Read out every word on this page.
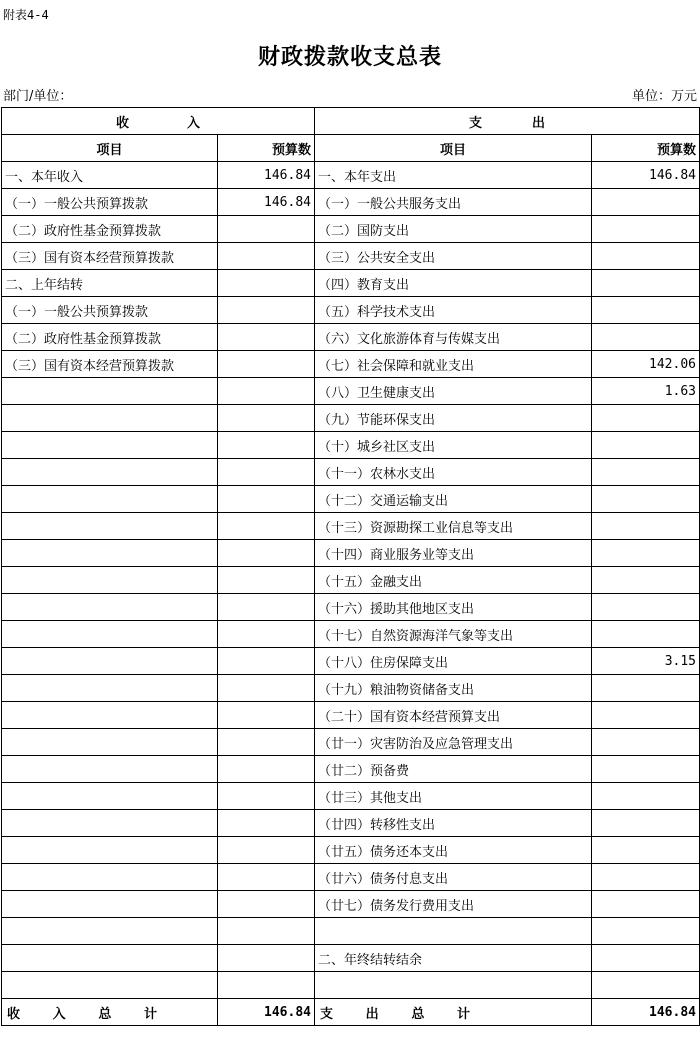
附表4-4
财政拨款收支总表
部门/单位：	单位：万元
收 入		支 出	
项目	预算数	项目	预算数
一、本年收入	146.84	一、本年支出	146.84
（一）一般公共预算拨款	146.84	（一）一般公共服务支出	
（二）政府性基金预算拨款		（二）国防支出	
（三）国有资本经营预算拨款		（三）公共安全支出	
二、上年结转		（四）教育支出	
（一）一般公共预算拨款		（五）科学技术支出	
（二）政府性基金预算拨款		（六）文化旅游体育与传媒支出	
（三）国有资本经营预算拨款		（七）社会保障和就业支出	142.06
		（八）卫生健康支出	1.63
		（九）节能环保支出	
		（十）城乡社区支出	
		（十一）农林水支出	
		（十二）交通运输支出	
		（十三）资源勘探工业信息等支出	
		（十四）商业服务业等支出	
		（十五）金融支出	
		（十六）援助其他地区支出	
		（十七）自然资源海洋气象等支出	
		（十八）住房保障支出	3.15
		（十九）粮油物资储备支出	
		（二十）国有资本经营预算支出	
		（廿一）灾害防治及应急管理支出	
		（廿二）预备费	
		（廿三）其他支出	
		（廿四）转移性支出	
		（廿五）债务还本支出	
		（廿六）债务付息支出	
		（廿七）债务发行费用支出	

		二、年终结转结余	

收 入 总 计	146.84	支 出 总 计	146.84
